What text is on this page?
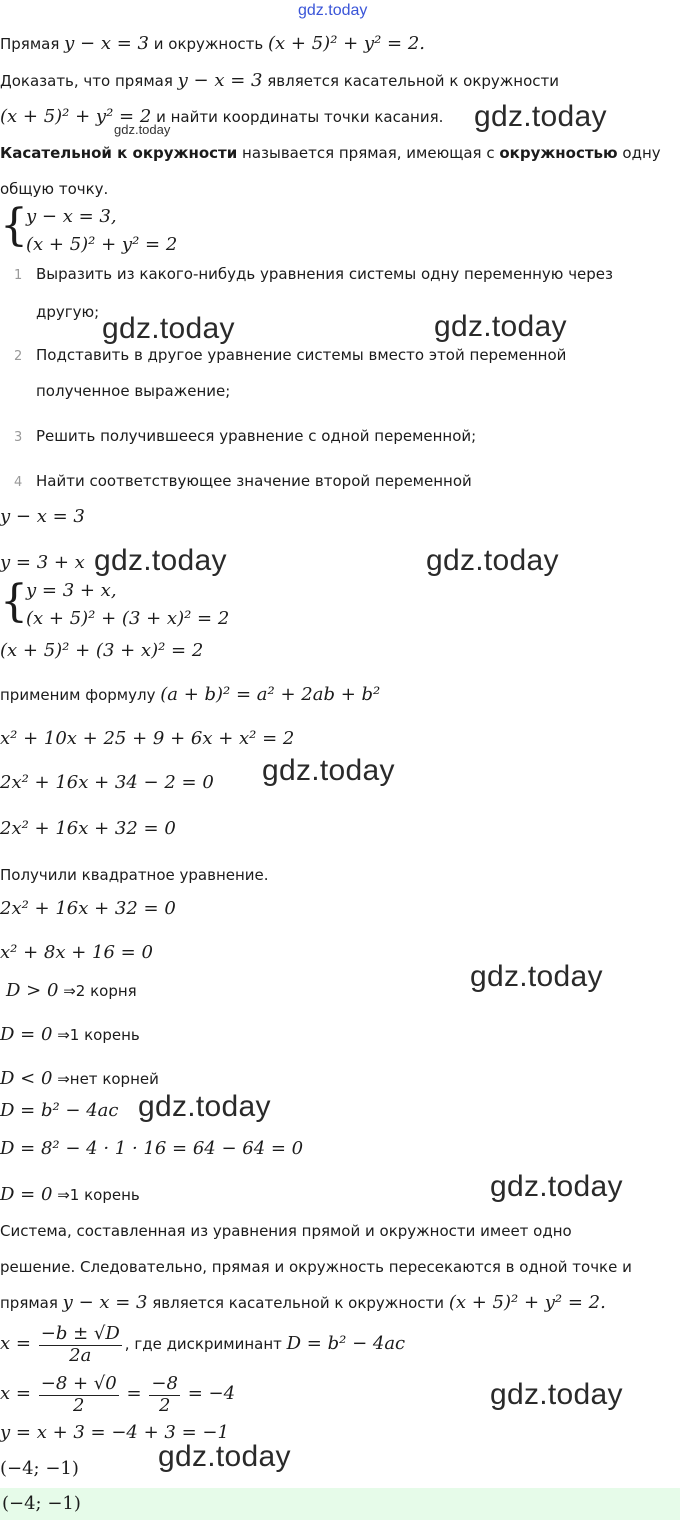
gdz.today
gdz.today	gdz.today
gdz.today	gdz.today
gdz.today	gdz.today
gdz.today
gdz.today
gdz.today
gdz.today
gdz.today
gdz.today
Прямая y − x = 3 и окружность (x + 5)² + y² = 2.
Доказать, что прямая y − x = 3 является касательной к окружности
(x + 5)² + y² = 2 и найти координаты точки касания.
Касательной к окружности называется прямая, имеющая с окружностью одну
общую точку.
{
y − x = 3,
(x + 5)² + y² = 2
1 Выразить из какого-нибудь уравнения системы одну переменную через
другую;
2 Подставить в другое уравнение системы вместо этой переменной
полученное выражение;
3 Решить получившееся уравнение с одной переменной;
4 Найти соответствующее значение второй переменной
y − x = 3
y = 3 + x
{
y = 3 + x,
(x + 5)² + (3 + x)² = 2
(x + 5)² + (3 + x)² = 2
применим формулу (a + b)² = a² + 2ab + b²
x² + 10x + 25 + 9 + 6x + x² = 2
2x² + 16x + 34 − 2 = 0
2x² + 16x + 32 = 0
Получили квадратное уравнение.
2x² + 16x + 32 = 0
x² + 8x + 16 = 0
D > 0 ⇒2 корня
D = 0 ⇒1 корень
D < 0 ⇒нет корней
D = b² − 4ac
D = 8² − 4 · 1 · 16 = 64 − 64 = 0
D = 0 ⇒1 корень
Система, составленная из уравнения прямой и окружности имеет одно
решение. Следовательно, прямая и окружность пересекаются в одной точке и
прямая y − x = 3 является касательной к окружности (x + 5)² + y² = 2.
$x = \frac{-b \pm √D}{2a}$ , где дискриминант D = b² − 4ac
$x = \frac{-8 + √0}{2} = \frac{-8}{2} = -4$
y = x + 3 = −4 + 3 = −1
(−4; −1)
(−4; −1)
